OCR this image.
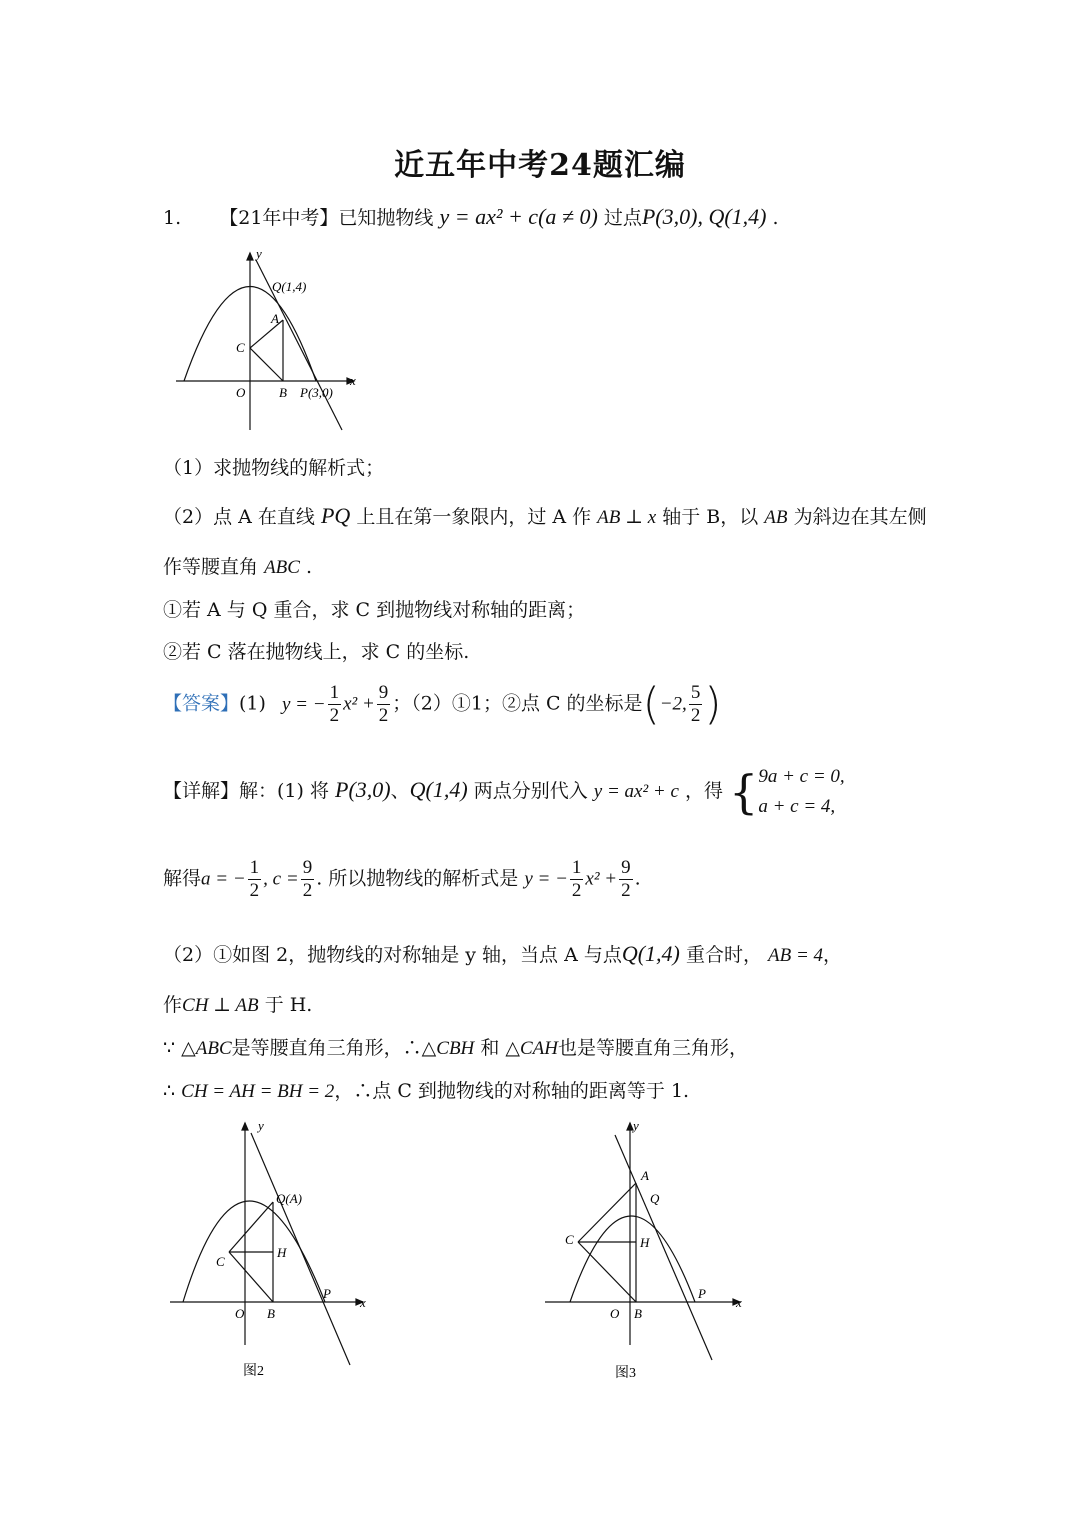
近五年中考24题汇编
1. 【21年中考】已知抛物线 y = ax² + c(a ≠ 0) 过点P(3,0), Q(1,4) .
y
x
Q(1,4)
A
C
O	B P(3,0)
（1）求抛物线的解析式；
（2）点 A 在直线 PQ 上且在第一象限内，过 A 作 AB ⊥ x 轴于 B，以 AB 为斜边在其左侧
作等腰直角 ABC .
①若 A 与 Q 重合，求 C 到抛物线对称轴的距离；
②若 C 落在抛物线上，求 C 的坐标.
【答案】(1) y = − $\frac{1}{2} x^2 + \frac{9}{2}$ ；（2）①1；②点 C 的坐标是(−2, $\frac{5}{2}$ )
【详解】解：(1) 将 P(3,0)、Q(1,4) 两点分别代入 y = ax² + c ，得 { 9a + c = 0,
a + c = 4,
解得a = − $\frac{1}{2}$ , $c = \frac{9}{2}$ . 所以抛物线的解析式是 y = − $\frac{1}{2} x^2 + \frac{9}{2}$ .
（2）①如图 2，抛物线的对称轴是 y 轴，当点 A 与点Q(1,4) 重合时， AB = 4，
作CH ⊥ AB 于 H.
∵ △ABC是等腰直角三角形，∴△CBH 和 △CAH也是等腰直角三角形，
∴ CH = AH = BH = 2，∴点 C 到抛物线的对称轴的距离等于 1.
y
x
Q(A)
H
C
O B
P
图2
y
x
A
Q
C	H
O B
P
图3
